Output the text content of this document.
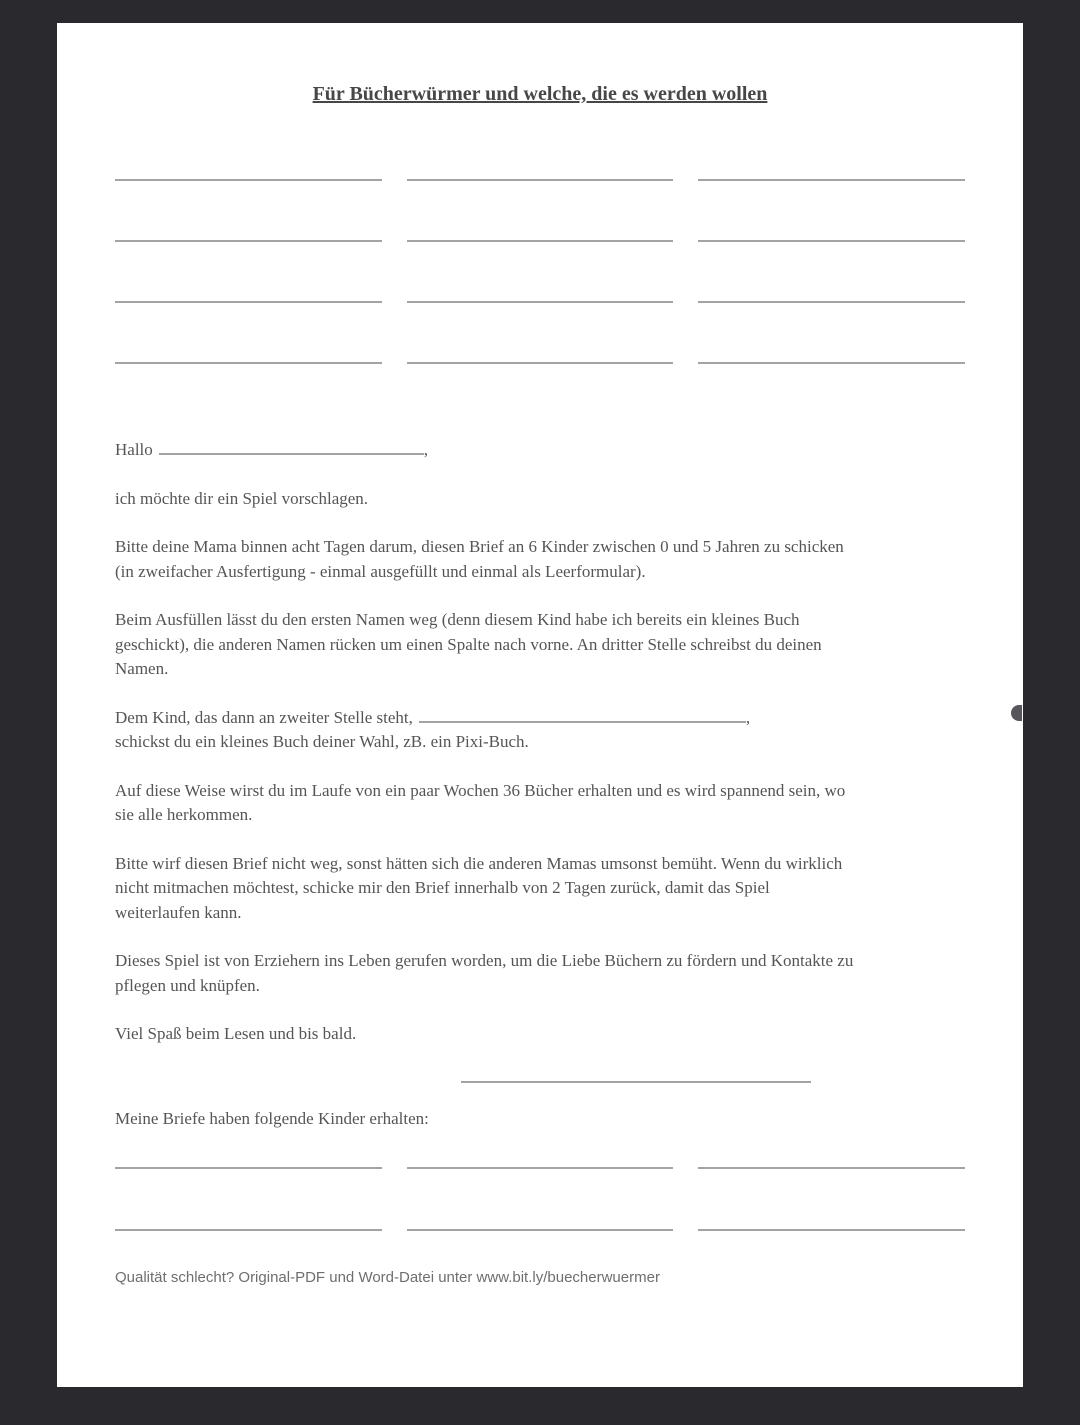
Für Bücherwürmer und welche, die es werden wollen

Hallo	,

ich möchte dir ein Spiel vorschlagen.

Bitte deine Mama binnen acht Tagen darum, diesen Brief an 6 Kinder zwischen 0 und 5 Jahren zu schicken
(in zweifacher Ausfertigung - einmal ausgefüllt und einmal als Leerformular).

Beim Ausfüllen lässt du den ersten Namen weg (denn diesem Kind habe ich bereits ein kleines Buch
geschickt), die anderen Namen rücken um einen Spalte nach vorne. An dritter Stelle schreibst du deinen
Namen.

Dem Kind, das dann an zweiter Stelle steht,	,
schickst du ein kleines Buch deiner Wahl, zB. ein Pixi-Buch.

Auf diese Weise wirst du im Laufe von ein paar Wochen 36 Bücher erhalten und es wird spannend sein, wo
sie alle herkommen.

Bitte wirf diesen Brief nicht weg, sonst hätten sich die anderen Mamas umsonst bemüht. Wenn du wirklich
nicht mitmachen möchtest, schicke mir den Brief innerhalb von 2 Tagen zurück, damit das Spiel
weiterlaufen kann.

Dieses Spiel ist von Erziehern ins Leben gerufen worden, um die Liebe Büchern zu fördern und Kontakte zu
pflegen und knüpfen.

Viel Spaß beim Lesen und bis bald.

Meine Briefe haben folgende Kinder erhalten:

Qualität schlecht? Original-PDF und Word-Datei unter www.bit.ly/buecherwuermer
